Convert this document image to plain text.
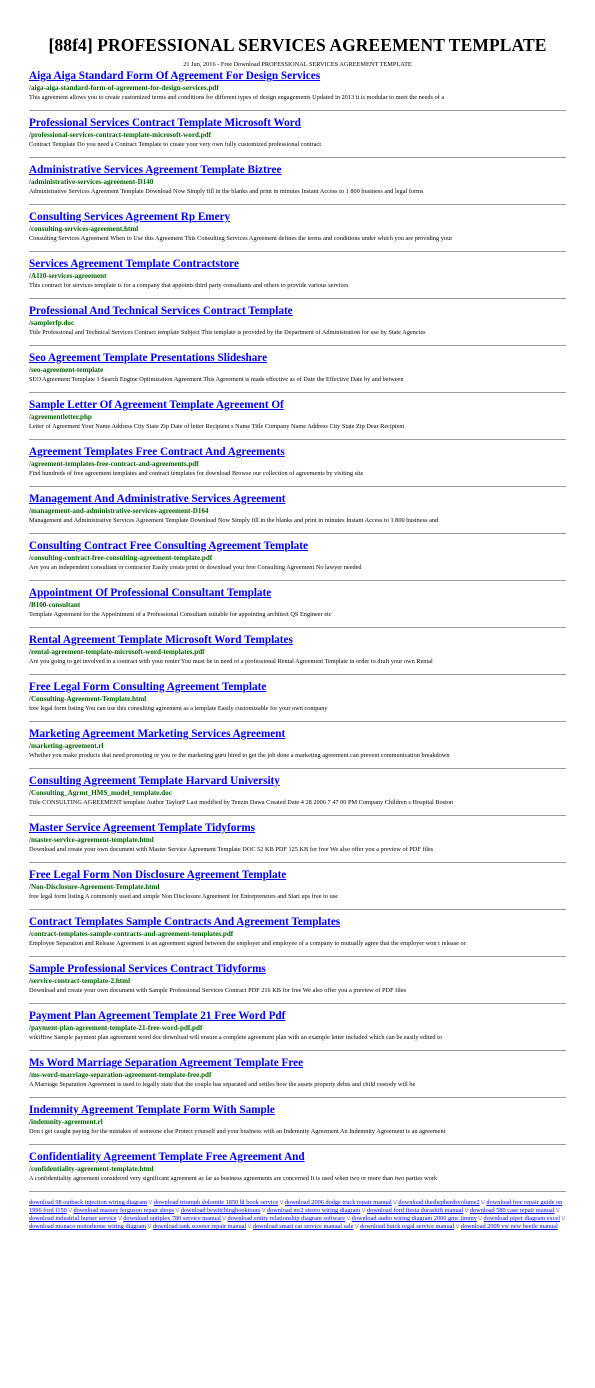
[88f4] PROFESSIONAL SERVICES AGREEMENT TEMPLATE
21 Jun, 2016 - Free Download PROFESSIONAL SERVICES AGREEMENT TEMPLATE
Aiga Aiga Standard Form Of Agreement For Design Services
/aiga-aiga-standard-form-of-agreement-for-design-services.pdf
This agreement allows you to create customized terms and conditions for different types of design engagements Updated in 2013 it is modular to meet the needs of a
Professional Services Contract Template Microsoft Word
/professional-services-contract-template-microsoft-word.pdf
Contract Template Do you need a Contract Template to create your very own fully customized professional contract
Administrative Services Agreement Template Biztree
/administrative-services-agreement-D140
Administrative Services Agreement Template Download Now Simply fill in the blanks and print in minutes Instant Access to 1 800 business and legal forms
Consulting Services Agreement Rp Emery
/consulting-services-agreement.html
Consulting Services Agreement When to Use this Agreement This Consulting Services Agreement defines the terms and conditions under which you are providing your
Services Agreement Template Contractstore
/A110-services-agreement
This contract for services template is for a company that appoints third party consultants and others to provide various services
Professional And Technical Services Contract Template
/samplerfp.doc
Title Professional and Technical Services Contract template Subject This template is provided by the Department of Administration for use by State Agencies
Seo Agreement Template Presentations Slideshare
/seo-agreement-template
SEO Agreement Template 1 Search Engine Optimization Agreement This Agreement is made effective as of Date the Effective Date by and between
Sample Letter Of Agreement Template Agreement Of
/agreementletter.php
Letter of Agreement Your Name Address City State Zip Date of letter Recipient s Name Title Company Name Address City State Zip Dear Recipient
Agreement Templates Free Contract And Agreements
/agreement-templates-free-contract-and-agreements.pdf
Find hundreds of free agreement templates and contract templates for download Browse our collection of agreements by visiting site
Management And Administrative Services Agreement
/management-and-administrative-services-agreement-D164
Management and Administrative Services Agreement Template Download Now Simply fill in the blanks and print in minutes Instant Access to 1 800 business and
Consulting Contract Free Consulting Agreement Template
/consulting-contract-free-consulting-agreement-template.pdf
Are you an independent consultant or contractor Easily create print or download your free Consulting Agreement No lawyer needed
Appointment Of Professional Consultant Template
/B100-consultant
Template Agreement for the Appointment of a Professional Consultant suitable for appointing architect QS Engineer etc
Rental Agreement Template Microsoft Word Templates
/rental-agreement-template-microsoft-word-templates.pdf
Are you going to get involved in a contract with your renter You must be in need of a professional Rental Agreement Template in order to draft your own Rental
Free Legal Form Consulting Agreement Template
/Consulting-Agreement-Template.html
free legal form listing You can use this consulting agreement as a template Easily customizable for your own company
Marketing Agreement Marketing Services Agreement
/marketing-agreement.rl
Whether you make products that need promoting or you re the marketing guru hired to get the job done a marketing agreement can prevent communication breakdown
Consulting Agreement Template Harvard University
/Consulting_Agrmt_HMS_model_template.doc
Title CONSULTING AGREEMENT template Author TaylorP Last modified by Tenzin Dawa Created Date 4 28 2006 7 47 00 PM Company Children s Hospital Boston
Master Service Agreement Template Tidyforms
/master-service-agreement-template.html
Download and create your own document with Master Service Agreement Template DOC 52 KB PDF 125 KB for free We also offer you a preview of PDF files
Free Legal Form Non Disclosure Agreement Template
/Non-Disclosure-Agreement-Template.html
free legal form listing A commonly used and simple Non Disclosure Agreement for Entrepreneurs and Start ups free to use
Contract Templates Sample Contracts And Agreement Templates
/contract-templates-sample-contracts-and-agreement-templates.pdf
Employee Separation and Release Agreement is an agreement signed between the employer and employee of a company to mutually agree that the employer won t release or
Sample Professional Services Contract Tidyforms
/service-contract-template-2.html
Download and create your own document with Sample Professional Services Contract PDF 216 KB for free We also offer you a preview of PDF files
Payment Plan Agreement Template 21 Free Word Pdf
/payment-plan-agreement-template-21-free-word-pdf.pdf
wikiHow Sample payment plan agreement word doc download will ensure a complete agreement plan with an example letter included which can be easily edited to
Ms Word Marriage Separation Agreement Template Free
/ms-word-marriage-separation-agreement-template-free.pdf
A Marriage Separation Agreement is used to legally state that the couple has separated and settles how the assets property debts and child custody will be
Indemnity Agreement Template Form With Sample
/indemnity-agreement.rl
Don t get caught paying for the mistakes of someone else Protect yourself and your business with an Indemnity Agreement An Indemnity Agreement is an agreement
Confidentiality Agreement Template Free Agreement And
/confidentiality-agreement-template.html
A confidentiality agreement considered very significant agreement as far as business agreements are concerned It is used when two or more than two parties work
download 98 outback injection wiring diagram \/ download triumph dolomite 1850 hl book service \/ download 2006 dodge truck repair manual \/ download theshepherdsvolume2 \/ download free repair guide on 1996 ford f150 \/ download massey ferguson repair shops \/ download bewitchingbooktours \/ download mr2 stereo wiring diagram \/ download ford fiesta durashift manual \/ download 580 case repair manual \/ download industrial burner service \/ download optiplex 780 service manual \/ download entity relationship diagram software \/ download audio wiring diagram 2000 gmc jimmy \/ download piper diagram excel \/ download monaco motorhome wiring diagram \/ download tank scooter repair manual \/ download smart car service manual sale \/ download buick regal service manual \/ download 2009 vw new beetle manual
